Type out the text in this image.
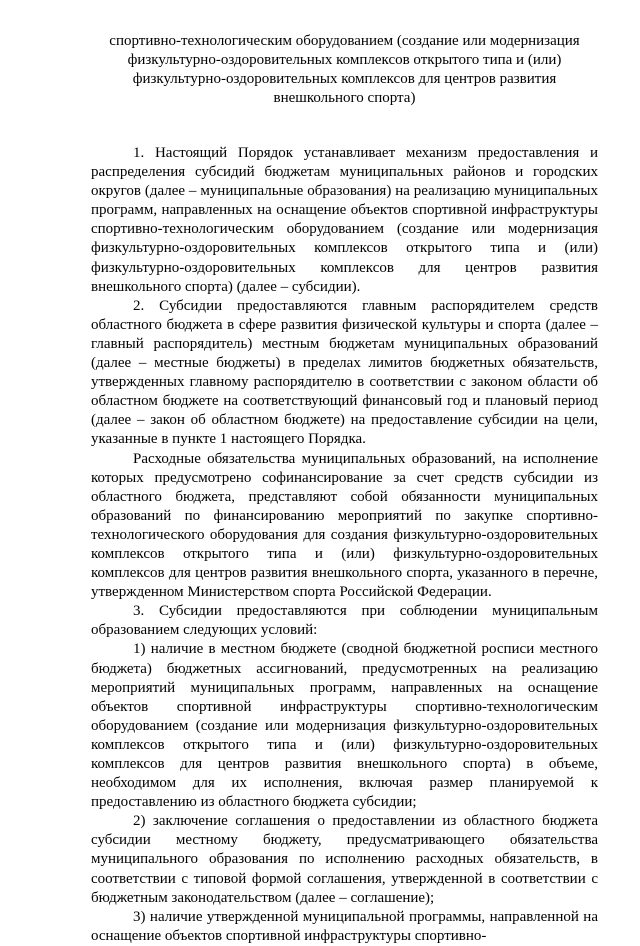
спортивно-технологическим оборудованием (создание или модернизация
физкультурно-оздоровительных комплексов открытого типа и (или)
физкультурно-оздоровительных комплексов для центров развития
внешкольного спорта)

1. Настоящий Порядок устанавливает механизм предоставления и распределения субсидий бюджетам муниципальных районов и городских округов (далее – муниципальные образования) на реализацию муниципальных программ, направленных на оснащение объектов спортивной инфраструктуры спортивно-технологическим оборудованием (создание или модернизация физкультурно-оздоровительных комплексов открытого типа и (или) физкультурно-оздоровительных комплексов для центров развития внешкольного спорта) (далее – субсидии).

2. Субсидии предоставляются главным распорядителем средств областного бюджета в сфере развития физической культуры и спорта (далее – главный распорядитель) местным бюджетам муниципальных образований (далее – местные бюджеты) в пределах лимитов бюджетных обязательств, утвержденных главному распорядителю в соответствии с законом области об областном бюджете на соответствующий финансовый год и плановый период (далее – закон об областном бюджете) на предоставление субсидии на цели, указанные в пункте 1 настоящего Порядка.

Расходные обязательства муниципальных образований, на исполнение которых предусмотрено софинансирование за счет средств субсидии из областного бюджета, представляют собой обязанности муниципальных образований по финансированию мероприятий по закупке спортивно-технологического оборудования для создания физкультурно-оздоровительных комплексов открытого типа и (или) физкультурно-оздоровительных комплексов для центров развития внешкольного спорта, указанного в перечне, утвержденном Министерством спорта Российской Федерации.

3. Субсидии предоставляются при соблюдении муниципальным образованием следующих условий:

1) наличие в местном бюджете (сводной бюджетной росписи местного бюджета) бюджетных ассигнований, предусмотренных на реализацию мероприятий муниципальных программ, направленных на оснащение объектов спортивной инфраструктуры спортивно-технологическим оборудованием (создание или модернизация физкультурно-оздоровительных комплексов открытого типа и (или) физкультурно-оздоровительных комплексов для центров развития внешкольного спорта) в объеме, необходимом для их исполнения, включая размер планируемой к предоставлению из областного бюджета субсидии;

2) заключение соглашения о предоставлении из областного бюджета субсидии местному бюджету, предусматривающего обязательства муниципального образования по исполнению расходных обязательств, в соответствии с типовой формой соглашения, утвержденной в соответствии с бюджетным законодательством (далее – соглашение);

3) наличие утвержденной муниципальной программы, направленной на оснащение объектов спортивной инфраструктуры спортивно-
